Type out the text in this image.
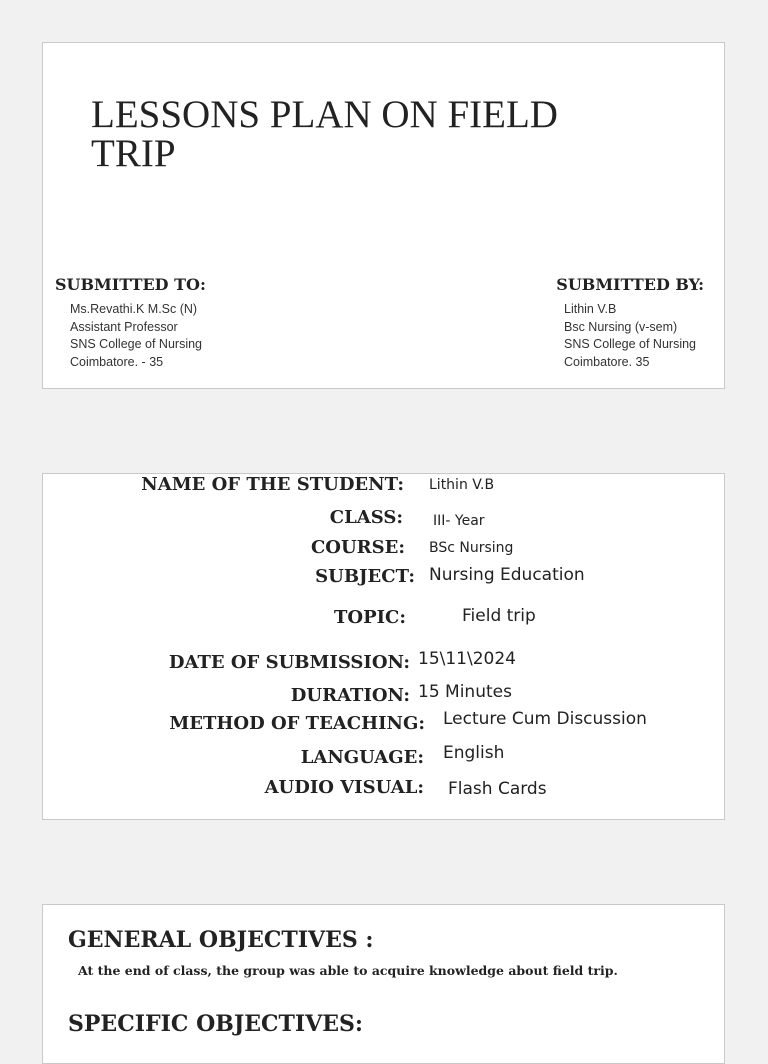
LESSONS PLAN ON FIELD TRIP
SUBMITTED TO:
Ms.Revathi.K M.Sc (N)
Assistant Professor
SNS College of Nursing
Coimbatore. - 35
SUBMITTED BY:
Lithin V.B
Bsc Nursing (v-sem)
SNS College of Nursing
Coimbatore. 35
NAME OF THE STUDENT: Lithin V.B
CLASS: III- Year
COURSE: BSc Nursing
SUBJECT: Nursing Education
TOPIC:	Field trip
DATE OF SUBMISSION: 15\11\2024
DURATION: 15 Minutes
METHOD OF TEACHING: Lecture Cum Discussion
LANGUAGE: English
AUDIO VISUAL: Flash Cards
GENERAL OBJECTIVES :

At the end of class, the group was able to acquire knowledge about field trip.

SPECIFIC OBJECTIVES:
